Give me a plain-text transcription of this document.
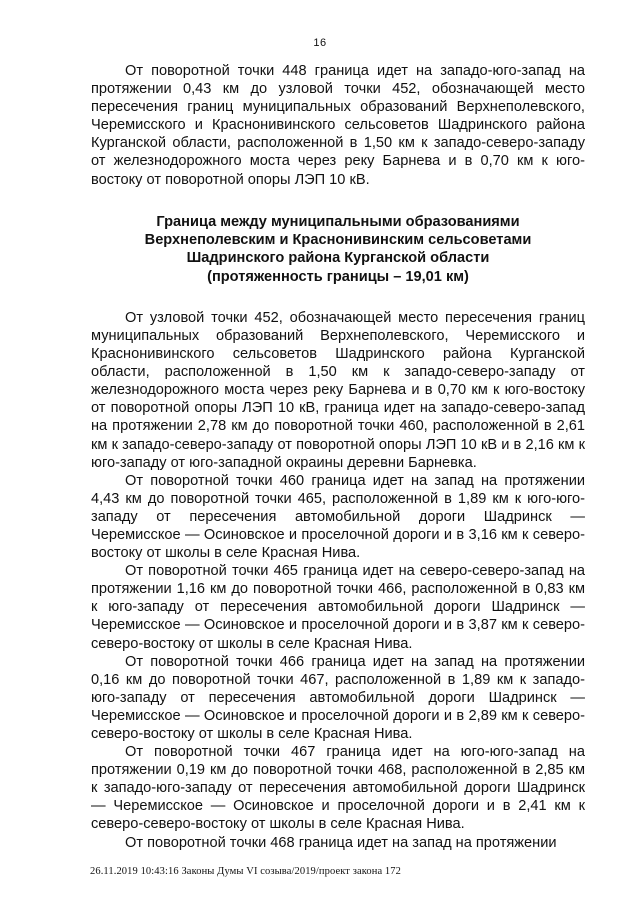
16

От поворотной точки 448 граница идет на западо-юго-запад на протяжении 0,43 км до узловой точки 452, обозначающей место пересечения границ муниципальных образований Верхнеполевского, Черемисского и Краснонивинского сельсоветов Шадринского района Курганской области, расположенной в 1,50 км к западо-северо-западу от железнодорожного моста через реку Барнева и в 0,70 км к юго-востоку от поворотной опоры ЛЭП 10 кВ.

Граница между муниципальными образованиями
Верхнеполевским и Краснонивинским сельсоветами
Шадринского района Курганской области
(протяженность границы – 19,01 км)

От узловой точки 452, обозначающей место пересечения границ муниципальных образований Верхнеполевского, Черемисского и Краснонивинского сельсоветов Шадринского района Курганской области, расположенной в 1,50 км к западо-северо-западу от железнодорожного моста через реку Барнева и в 0,70 км к юго-востоку от поворотной опоры ЛЭП 10 кВ, граница идет на западо-северо-запад на протяжении 2,78 км до поворотной точки 460, расположенной в 2,61 км к западо-северо-западу от поворотной опоры ЛЭП 10 кВ и в 2,16 км к юго-западу от юго-западной окраины деревни Барневка.

От поворотной точки 460 граница идет на запад на протяжении 4,43 км до поворотной точки 465, расположенной в 1,89 км к юго-юго-западу от пересечения автомобильной дороги Шадринск — Черемисское — Осиновское и проселочной дороги и в 3,16 км к северо-востоку от школы в селе Красная Нива.

От поворотной точки 465 граница идет на северо-северо-запад на протяжении 1,16 км до поворотной точки 466, расположенной в 0,83 км к юго-западу от пересечения автомобильной дороги Шадринск — Черемисское — Осиновское и проселочной дороги и в 3,87 км к северо-северо-востоку от школы в селе Красная Нива.

От поворотной точки 466 граница идет на запад на протяжении 0,16 км до поворотной точки 467, расположенной в 1,89 км к западо-юго-западу от пересечения автомобильной дороги Шадринск — Черемисское — Осиновское и проселочной дороги и в 2,89 км к северо-северо-востоку от школы в селе Красная Нива.

От поворотной точки 467 граница идет на юго-юго-запад на протяжении 0,19 км до поворотной точки 468, расположенной в 2,85 км к западо-юго-западу от пересечения автомобильной дороги Шадринск — Черемисское — Осиновское и проселочной дороги и в 2,41 км к северо-северо-востоку от школы в селе Красная Нива.

От поворотной точки 468 граница идет на запад на протяжении

26.11.2019 10:43:16 Законы Думы VI созыва/2019/проект закона 172
